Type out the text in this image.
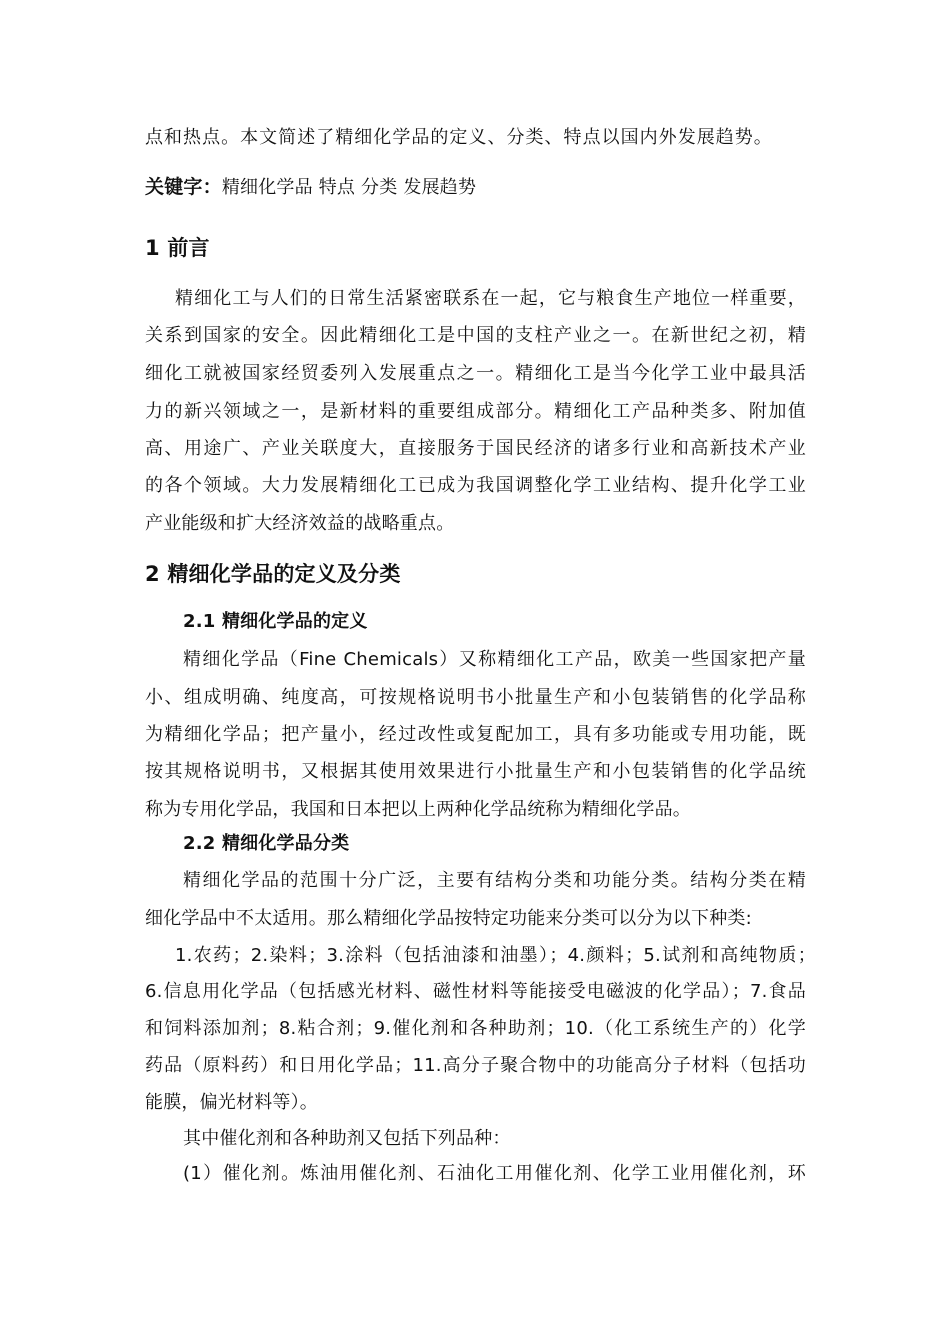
点和热点。本文简述了精细化学品的定义、分类、特点以国内外发展趋势。
关键字：精细化学品 特点 分类 发展趋势
1 前言
精细化工与人们的日常生活紧密联系在一起，它与粮食生产地位一样重要，
关系到国家的安全。因此精细化工是中国的支柱产业之一。在新世纪之初，精
细化工就被国家经贸委列入发展重点之一。精细化工是当今化学工业中最具活
力的新兴领域之一，是新材料的重要组成部分。精细化工产品种类多、附加值
高、用途广、产业关联度大，直接服务于国民经济的诸多行业和高新技术产业
的各个领域。大力发展精细化工已成为我国调整化学工业结构、提升化学工业
产业能级和扩大经济效益的战略重点。
2 精细化学品的定义及分类
2.1 精细化学品的定义
精细化学品（Fine Chemicals）又称精细化工产品，欧美一些国家把产量
小、组成明确、纯度高，可按规格说明书小批量生产和小包装销售的化学品称
为精细化学品；把产量小，经过改性或复配加工，具有多功能或专用功能，既
按其规格说明书，又根据其使用效果进行小批量生产和小包装销售的化学品统
称为专用化学品，我国和日本把以上两种化学品统称为精细化学品。
2.2 精细化学品分类
精细化学品的范围十分广泛，主要有结构分类和功能分类。结构分类在精
细化学品中不太适用。那么精细化学品按特定功能来分类可以分为以下种类:
1.农药；2.染料；3.涂料（包括油漆和油墨）；4.颜料；5.试剂和高纯物质；
6.信息用化学品（包括感光材料、磁性材料等能接受电磁波的化学品）；7.食品
和饲料添加剂；8.粘合剂；9.催化剂和各种助剂；10.（化工系统生产的）化学
药品（原料药）和日用化学品；11.高分子聚合物中的功能高分子材料（包括功
能膜，偏光材料等）。
其中催化剂和各种助剂又包括下列品种：
(1）催化剂。炼油用催化剂、石油化工用催化剂、化学工业用催化剂，环
